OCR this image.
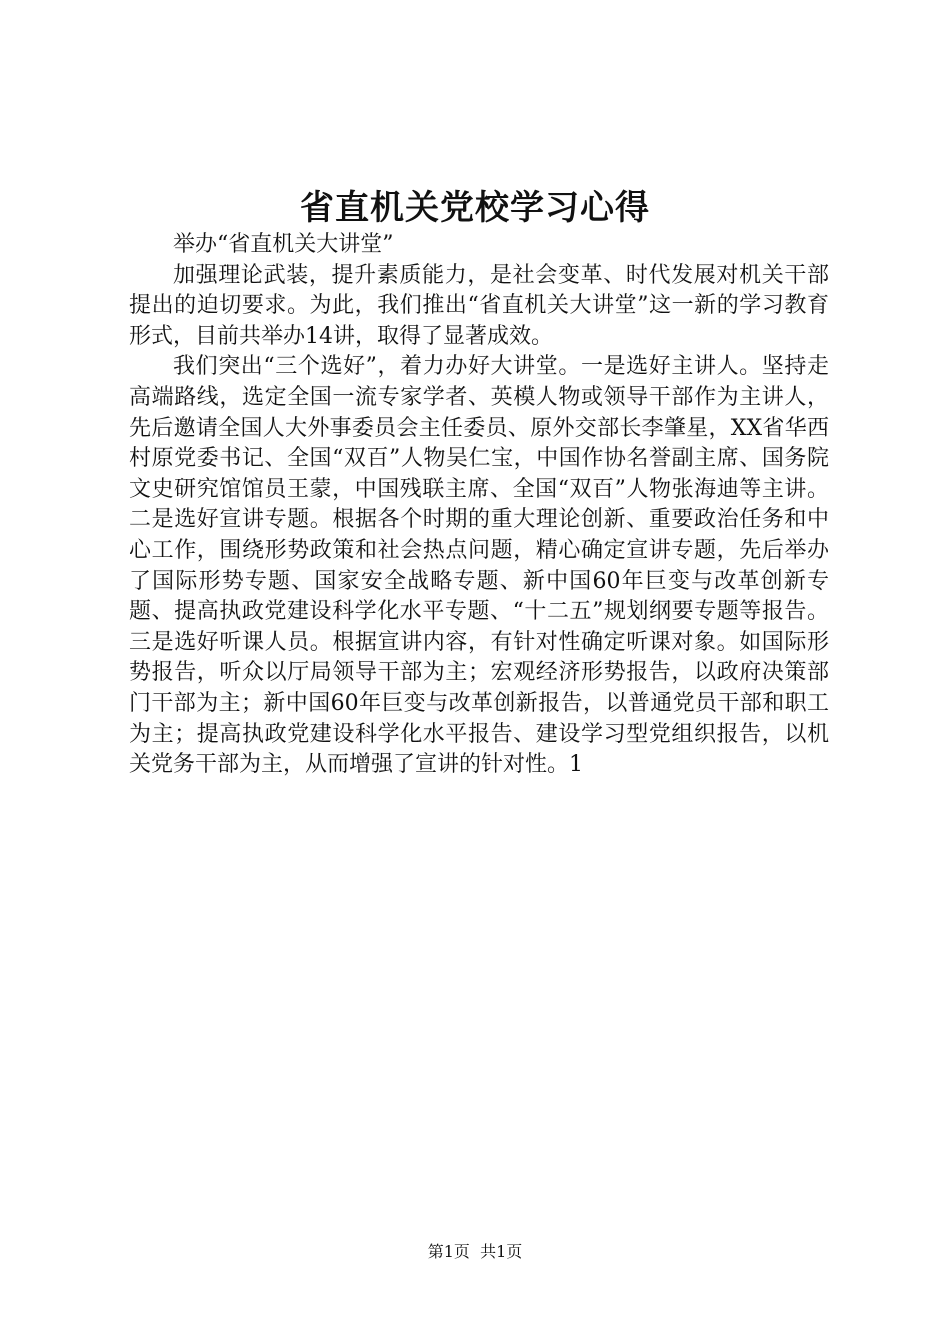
省直机关党校学习心得

举办“省直机关大讲堂”

加强理论武装，提升素质能力，是社会变革、时代发展对机关干部提出的迫切要求。为此，我们推出“省直机关大讲堂”这一新的学习教育形式，目前共举办14讲，取得了显著成效。

我们突出“三个选好”，着力办好大讲堂。一是选好主讲人。坚持走高端路线，选定全国一流专家学者、英模人物或领导干部作为主讲人，先后邀请全国人大外事委员会主任委员、原外交部长李肇星，XX省华西村原党委书记、全国“双百”人物吴仁宝，中国作协名誉副主席、国务院文史研究馆馆员王蒙，中国残联主席、全国“双百”人物张海迪等主讲。二是选好宣讲专题。根据各个时期的重大理论创新、重要政治任务和中心工作，围绕形势政策和社会热点问题，精心确定宣讲专题，先后举办了国际形势专题、国家安全战略专题、新中国60年巨变与改革创新专题、提高执政党建设科学化水平专题、“十二五”规划纲要专题等报告。三是选好听课人员。根据宣讲内容，有针对性确定听课对象。如国际形势报告，听众以厅局领导干部为主；宏观经济形势报告，以政府决策部门干部为主；新中国60年巨变与改革创新报告，以普通党员干部和职工为主；提高执政党建设科学化水平报告、建设学习型党组织报告，以机关党务干部为主，从而增强了宣讲的针对性。1

第1页 共1页
